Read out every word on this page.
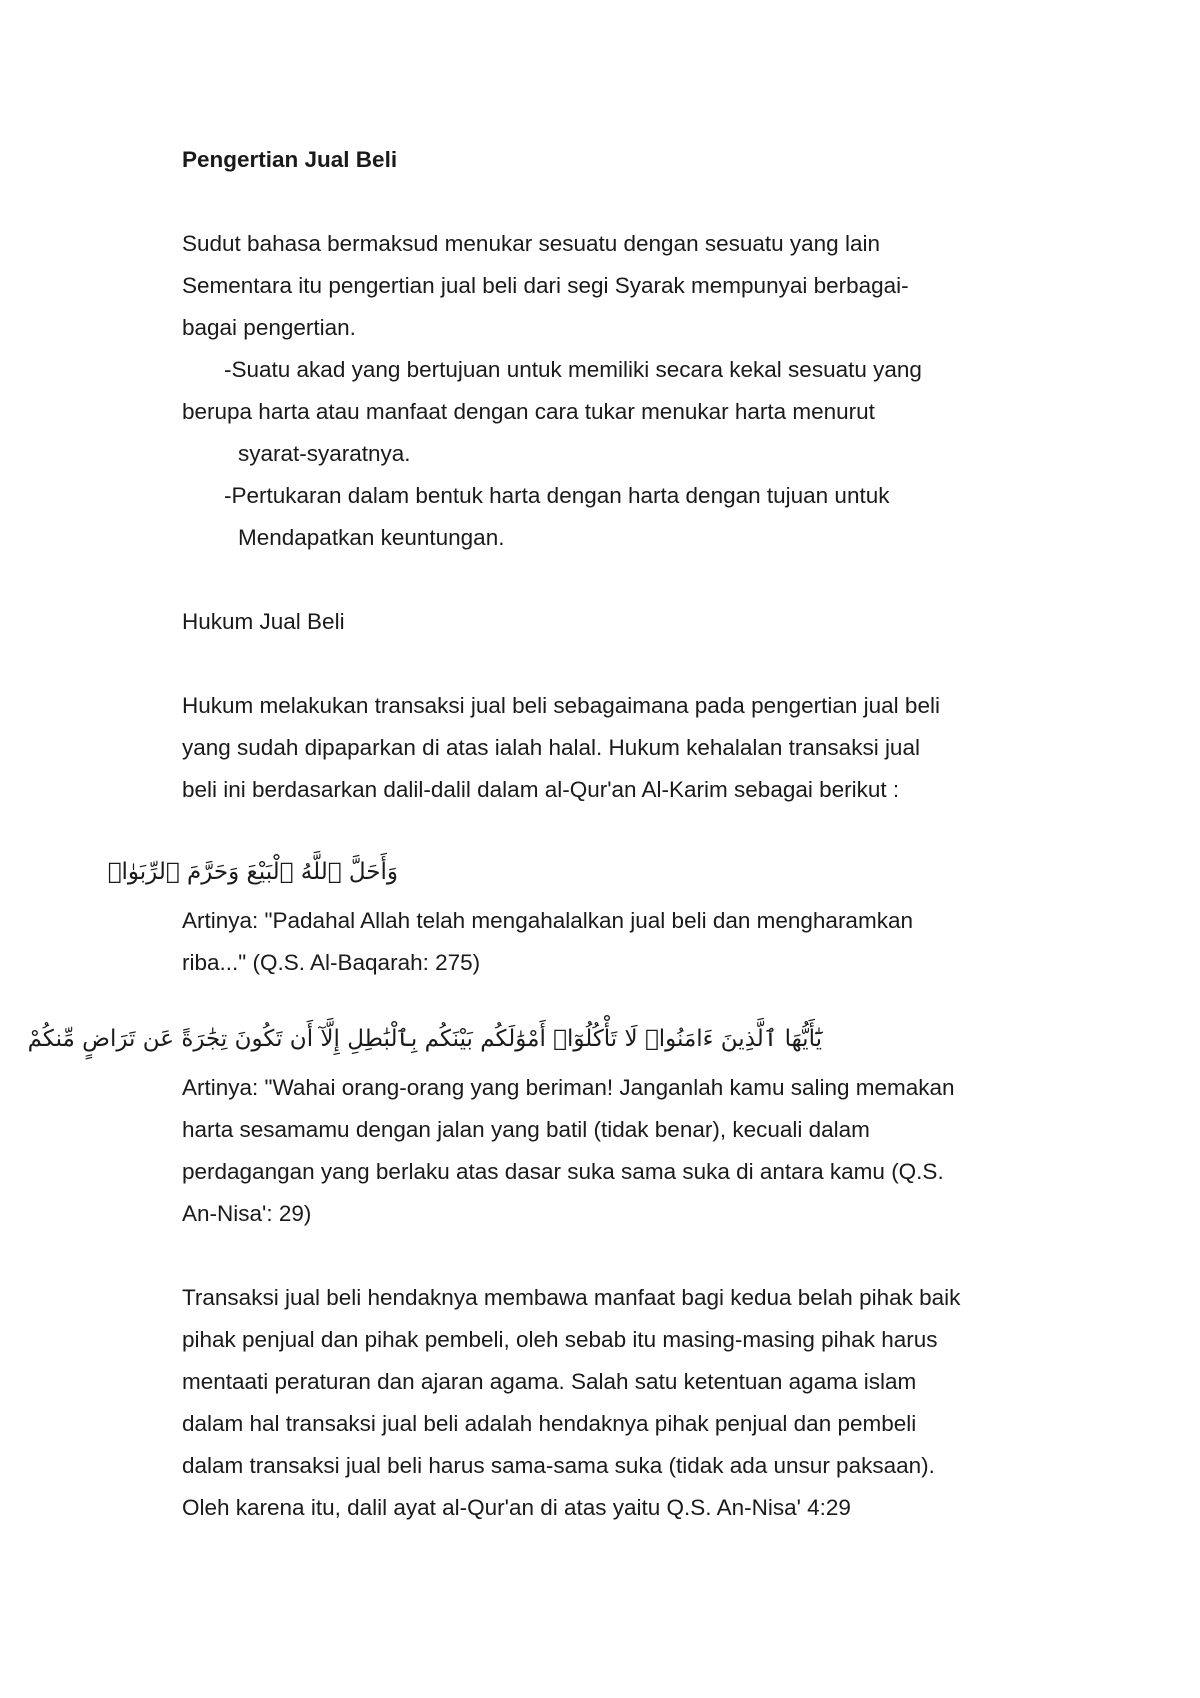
Pengertian Jual Beli
Sudut bahasa bermaksud menukar sesuatu dengan sesuatu yang lain
Sementara itu pengertian jual beli dari segi Syarak mempunyai berbagai-
bagai pengertian.
-Suatu akad yang bertujuan untuk memiliki secara kekal sesuatu yang
berupa harta atau manfaat dengan cara tukar menukar harta menurut
syarat-syaratnya.
-Pertukaran dalam bentuk harta dengan harta dengan tujuan untuk
Mendapatkan keuntungan.
Hukum Jual Beli
Hukum melakukan transaksi jual beli sebagaimana pada pengertian jual beli
yang sudah dipaparkan di atas ialah halal. Hukum kehalalan transaksi jual
beli ini berdasarkan dalil-dalil dalam al-Qur'an Al-Karim sebagai berikut :
وَأَحَلَّ ٱللَّهُ ٱلْبَيْعَ وَحَرَّمَ ٱلرِّبَوٰا۟
Artinya: "Padahal Allah telah mengahalalkan jual beli dan mengharamkan
riba..." (Q.S. Al-Baqarah: 275)
يَٰٓأَيُّهَا ٱلَّذِينَ ءَامَنُوا۟ لَا تَأْكُلُوٓا۟ أَمْوَٰلَكُم بَيْنَكُم بِٱلْبَٰطِلِ إِلَّآ أَن تَكُونَ تِجَٰرَةً عَن تَرَاضٍ مِّنكُمْ
Artinya: "Wahai orang-orang yang beriman! Janganlah kamu saling memakan
harta sesamamu dengan jalan yang batil (tidak benar), kecuali dalam
perdagangan yang berlaku atas dasar suka sama suka di antara kamu (Q.S.
An-Nisa': 29)
Transaksi jual beli hendaknya membawa manfaat bagi kedua belah pihak baik
pihak penjual dan pihak pembeli, oleh sebab itu masing-masing pihak harus
mentaati peraturan dan ajaran agama. Salah satu ketentuan agama islam
dalam hal transaksi jual beli adalah hendaknya pihak penjual dan pembeli
dalam transaksi jual beli harus sama-sama suka (tidak ada unsur paksaan).
Oleh karena itu, dalil ayat al-Qur'an di atas yaitu Q.S. An-Nisa' 4:29
